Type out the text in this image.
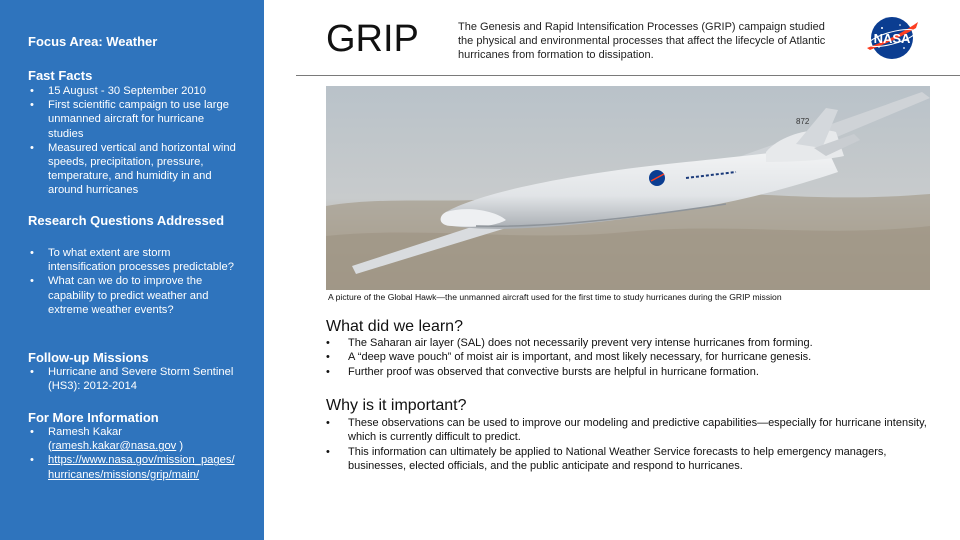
Focus Area: Weather
Fast Facts
• 15 August - 30 September 2010
• First scientific campaign to use large unmanned aircraft for hurricane studies
• Measured vertical and horizontal wind speeds, precipitation, pressure, temperature, and humidity in and around hurricanes
Research Questions Addressed
• To what extent are storm intensification processes predictable?
• What can we do to improve the capability to predict weather and extreme weather events?
Follow-up Missions
• Hurricane and Severe Storm Sentinel (HS3): 2012-2014
For More Information
• Ramesh Kakar
(ramesh.kakar@nasa.gov )
• https://www.nasa.gov/mission_pages/hurricanes/missions/grip/main/
GRIP	The Genesis and Rapid Intensification Processes (GRIP) campaign studied the physical and environmental processes that affect the lifecycle of Atlantic hurricanes from formation to dissipation.
NASA
872
A picture of the Global Hawk—the unmanned aircraft used for the first time to study hurricanes during the GRIP mission
What did we learn?
• The Saharan air layer (SAL) does not necessarily prevent very intense hurricanes from forming.
• A “deep wave pouch” of moist air is important, and most likely necessary, for hurricane genesis.
• Further proof was observed that convective bursts are helpful in hurricane formation.
Why is it important?
• These observations can be used to improve our modeling and predictive capabilities—especially for hurricane intensity, which is currently difficult to predict.
• This information can ultimately be applied to National Weather Service forecasts to help emergency managers, businesses, elected officials, and the public anticipate and respond to hurricanes.
